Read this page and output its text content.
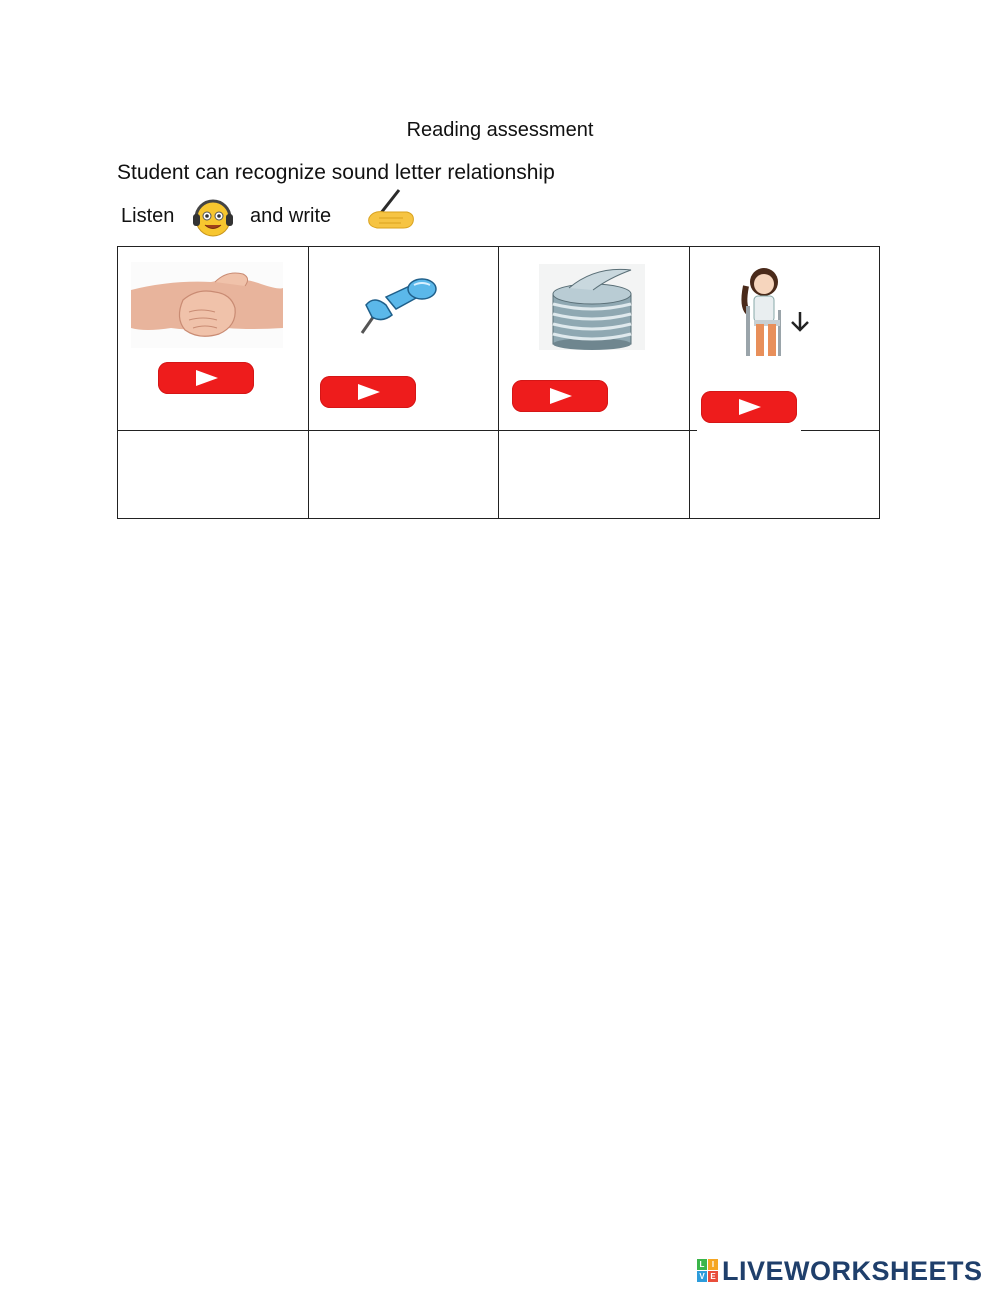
Reading assessment
Student can recognize sound letter relationship
Listen	and write
L I
V E LIVEWORKSHEETS
